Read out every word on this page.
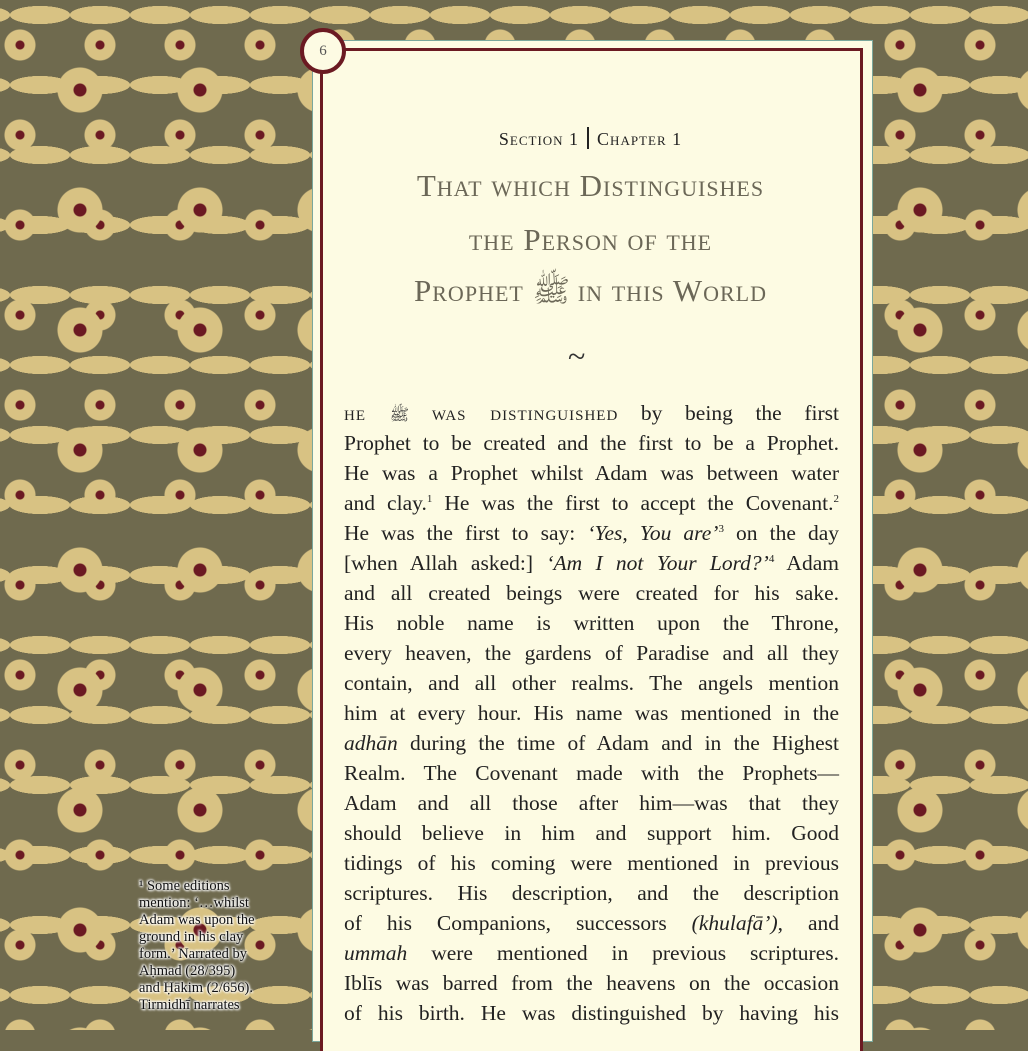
6
Section 1 Chapter 1
That which Distinguishes
the Person of the
Prophet ﷺ in this World
~
he ﷺ was distinguished by being the first
Prophet to be created and the first to be a Prophet.
He was a Prophet whilst Adam was between water
and clay.$^1$ He was the first to accept the Covenant.$^2$
He was the first to say: ‘Yes, You are’$^3$ on the day
[when Allah asked:] ‘Am I not Your Lord?’$^4$ Adam
and all created beings were created for his sake.
His noble name is written upon the Throne,
every heaven, the gardens of Paradise and all they
contain, and all other realms. The angels mention
him at every hour. His name was mentioned in the
adhān during the time of Adam and in the Highest
Realm. The Covenant made with the Prophets—
Adam and all those after him—was that they
should believe in him and support him. Good
tidings of his coming were mentioned in previous
scriptures. His description, and the description
of his Companions, successors (khulafā’), and
ummah were mentioned in previous scriptures.
Iblīs was barred from the heavens on the occasion
of his birth. He was distinguished by having his
¹ Some editions
mention: ‘…whilst
Adam was upon the
ground in his clay
form.’ Narrated by
Aḥmad (28/395)
and Ḥākim (2/656).
Tirmidhī narrates
